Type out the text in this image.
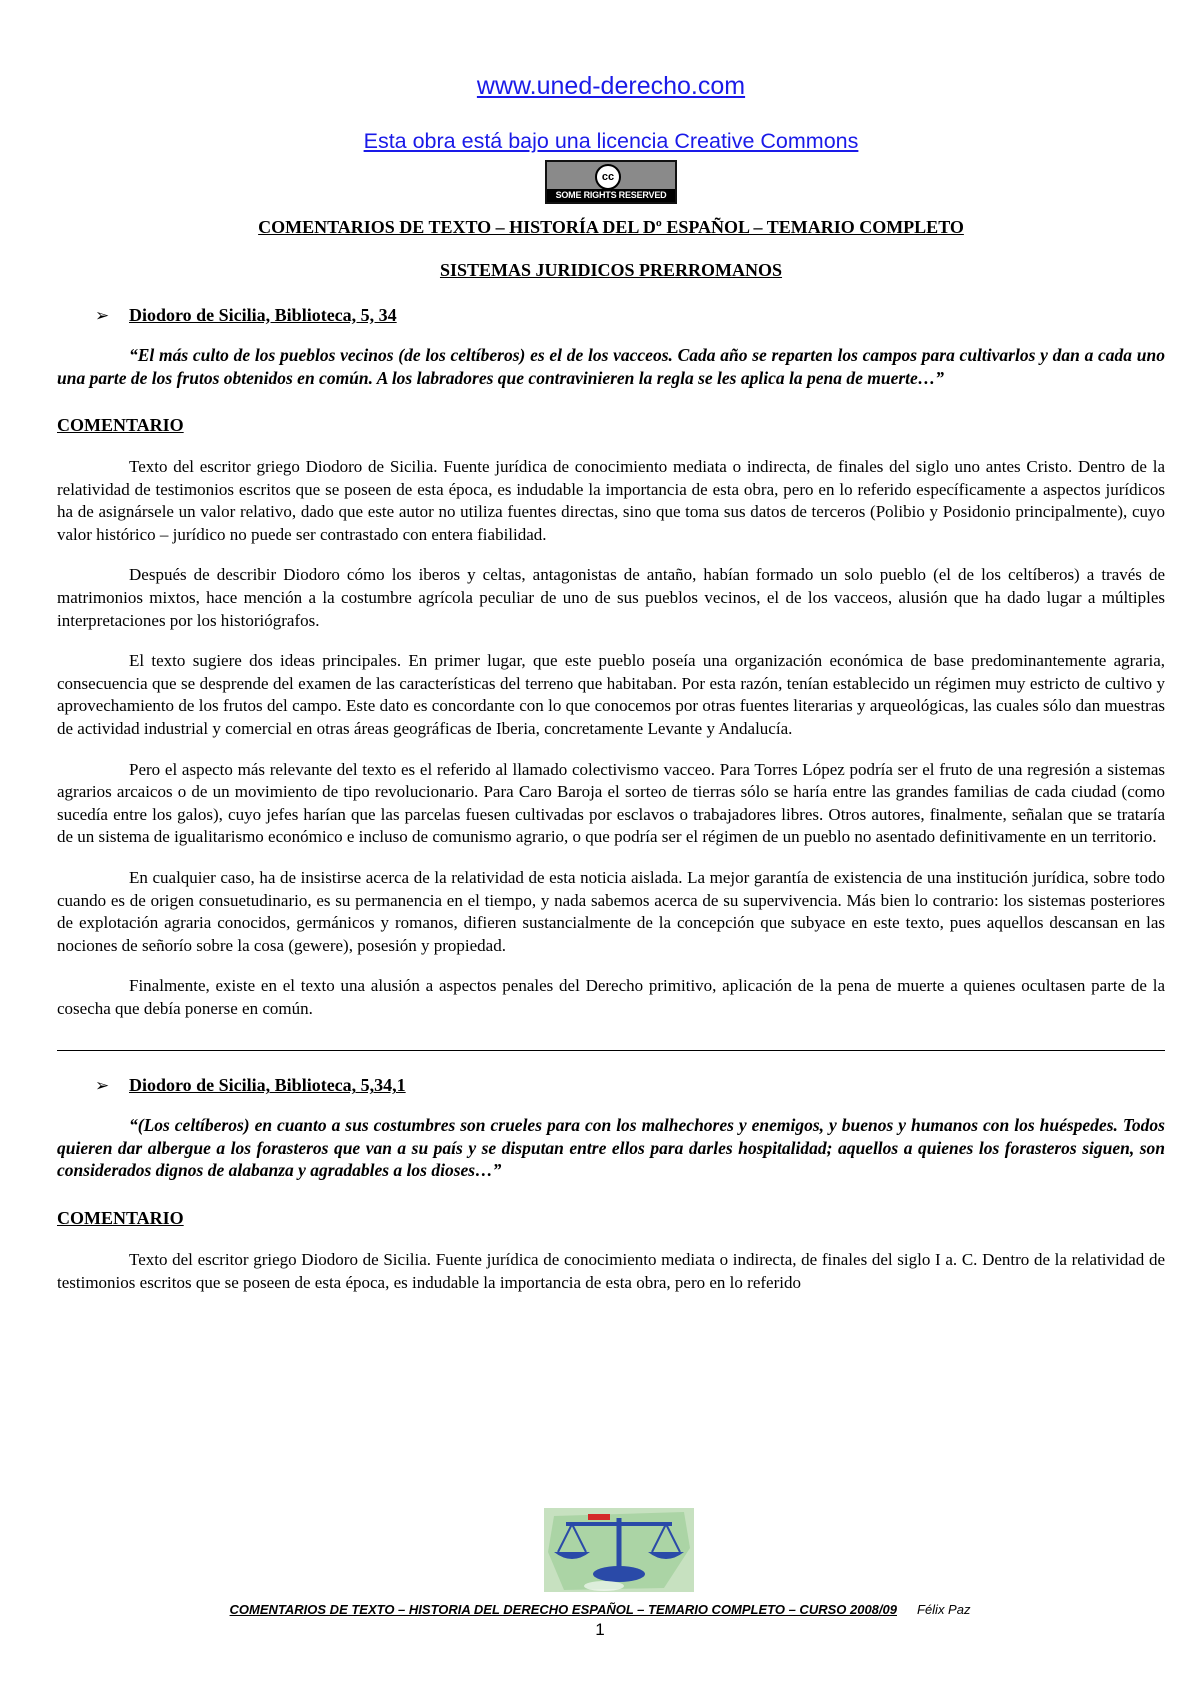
www.uned-derecho.com
Esta obra está bajo una licencia Creative Commons
cc
SOME RIGHTS RESERVED
COMENTARIOS DE TEXTO – HISTORÍA DEL Dº ESPAÑOL – TEMARIO COMPLETO
SISTEMAS JURIDICOS PRERROMANOS
➢ Diodoro de Sicilia, Biblioteca, 5, 34
“El más culto de los pueblos vecinos (de los celtíberos) es el de los vacceos. Cada año se reparten los campos para cultivarlos y dan a cada uno una parte de los frutos obtenidos en común. A los labradores que contravinieren la regla se les aplica la pena de muerte…”
COMENTARIO
Texto del escritor griego Diodoro de Sicilia. Fuente jurídica de conocimiento mediata o indirecta, de finales del siglo uno antes Cristo. Dentro de la relatividad de testimonios escritos que se poseen de esta época, es indudable la importancia de esta obra, pero en lo referido específicamente a aspectos jurídicos ha de asignársele un valor relativo, dado que este autor no utiliza fuentes directas, sino que toma sus datos de terceros (Polibio y Posidonio principalmente), cuyo valor histórico – jurídico no puede ser contrastado con entera fiabilidad.
Después de describir Diodoro cómo los iberos y celtas, antagonistas de antaño, habían formado un solo pueblo (el de los celtíberos) a través de matrimonios mixtos, hace mención a la costumbre agrícola peculiar de uno de sus pueblos vecinos, el de los vacceos, alusión que ha dado lugar a múltiples interpretaciones por los historiógrafos.
El texto sugiere dos ideas principales. En primer lugar, que este pueblo poseía una organización económica de base predominantemente agraria, consecuencia que se desprende del examen de las características del terreno que habitaban. Por esta razón, tenían establecido un régimen muy estricto de cultivo y aprovechamiento de los frutos del campo. Este dato es concordante con lo que conocemos por otras fuentes literarias y arqueológicas, las cuales sólo dan muestras de actividad industrial y comercial en otras áreas geográficas de Iberia, concretamente Levante y Andalucía.
Pero el aspecto más relevante del texto es el referido al llamado colectivismo vacceo. Para Torres López podría ser el fruto de una regresión a sistemas agrarios arcaicos o de un movimiento de tipo revolucionario. Para Caro Baroja el sorteo de tierras sólo se haría entre las grandes familias de cada ciudad (como sucedía entre los galos), cuyo jefes harían que las parcelas fuesen cultivadas por esclavos o trabajadores libres. Otros autores, finalmente, señalan que se trataría de un sistema de igualitarismo económico e incluso de comunismo agrario, o que podría ser el régimen de un pueblo no asentado definitivamente en un territorio.
En cualquier caso, ha de insistirse acerca de la relatividad de esta noticia aislada. La mejor garantía de existencia de una institución jurídica, sobre todo cuando es de origen consuetudinario, es su permanencia en el tiempo, y nada sabemos acerca de su supervivencia. Más bien lo contrario: los sistemas posteriores de explotación agraria conocidos, germánicos y romanos, difieren sustancialmente de la concepción que subyace en este texto, pues aquellos descansan en las nociones de señorío sobre la cosa (gewere), posesión y propiedad.
Finalmente, existe en el texto una alusión a aspectos penales del Derecho primitivo, aplicación de la pena de muerte a quienes ocultasen parte de la cosecha que debía ponerse en común.
➢ Diodoro de Sicilia, Biblioteca, 5,34,1
“(Los celtíberos) en cuanto a sus costumbres son crueles para con los malhechores y enemigos, y buenos y humanos con los huéspedes. Todos quieren dar albergue a los forasteros que van a su país y se disputan entre ellos para darles hospitalidad; aquellos a quienes los forasteros siguen, son considerados dignos de alabanza y agradables a los dioses…”
COMENTARIO
Texto del escritor griego Diodoro de Sicilia. Fuente jurídica de conocimiento mediata o indirecta, de finales del siglo I a. C. Dentro de la relatividad de testimonios escritos que se poseen de esta época, es indudable la importancia de esta obra, pero en lo referido
COMENTARIOS DE TEXTO – HISTORIA DEL DERECHO ESPAÑOL – TEMARIO COMPLETO – CURSO 2008/09 Félix Paz
1
